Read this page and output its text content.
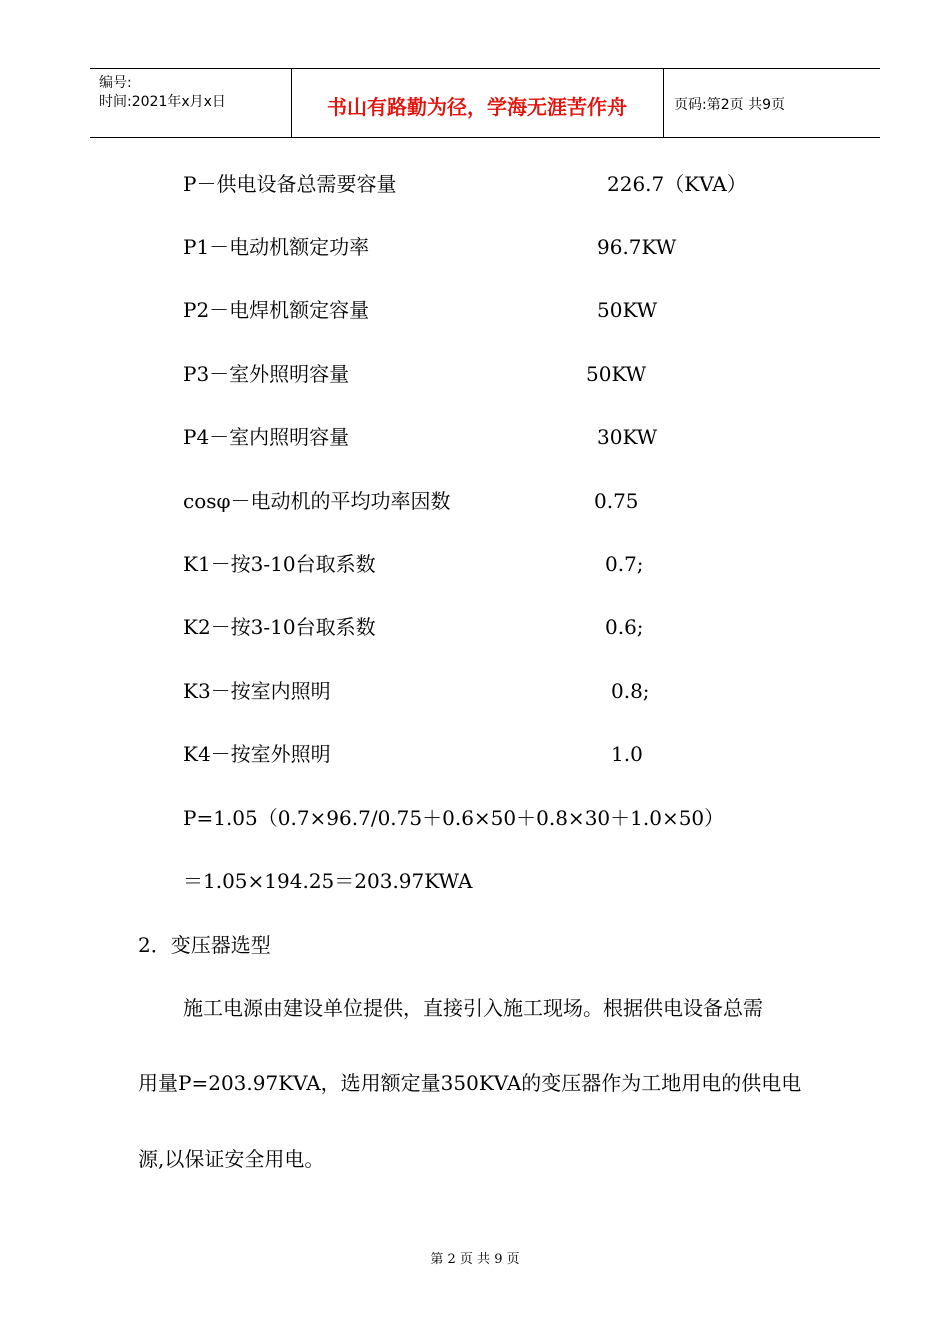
编号:
时间:2021年x月x日	书山有路勤为径，学海无涯苦作舟	页码:第2页 共9页
P－供电设备总需要容量	226.7（KVA）
P1－电动机额定功率	96.7KW
P2－电焊机额定容量	50KW
P3－室外照明容量	50KW
P4－室内照明容量	30KW
cosφ－电动机的平均功率因数	0.75
K1－按3-10台取系数	0.7;
K2－按3-10台取系数	0.6;
K3－按室内照明	0.8;
K4－按室外照明	1.0
P=1.05（0.7×96.7/0.75＋0.6×50＋0.8×30＋1.0×50）
＝1.05×194.25＝203.97KWA
2．变压器选型
施工电源由建设单位提供，直接引入施工现场。根据供电设备总需
用量P=203.97KVA，选用额定量350KVA的变压器作为工地用电的供电电
源,以保证安全用电。
第 2 页 共 9 页
